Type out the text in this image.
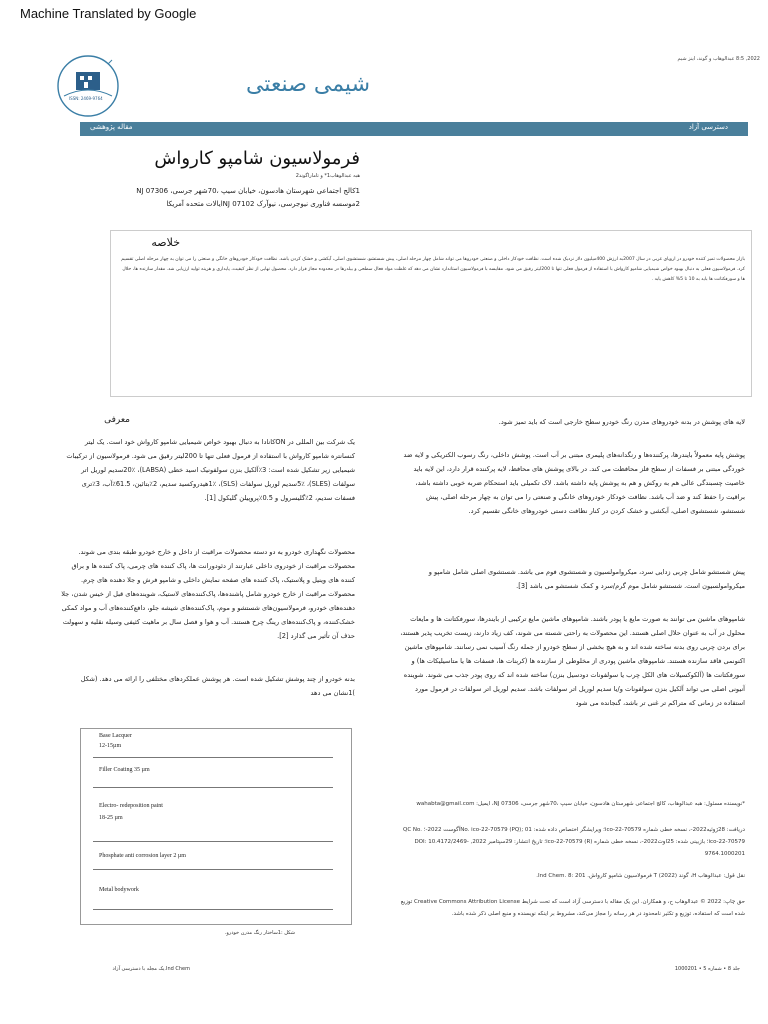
Machine Translated by Google
2022, 8:5 عبدالوهاب و گوند، اینز شیم
ISSN: 2469-9764
شیمی صنعتی
دسترسی آزاد
مقاله پژوهشی
فرمولاسیون شامپو کارواش
هبه عبدالوهاب1* و تاماراگوند2
1کالج اجتماعی شهرستان هادسون، خیابان سیپ ،70شهر جرسی، NJ 07306
2موسسه فناوری نیوجرسی، نیوآرک NJ 07102ایالات متحده آمریکا
خلاصه
بازار محصولات تمیز کننده خودرو در اروپای غربی در سال 2007به ارزش 400میلیون دلار نزدیک شده است. نظافت خودکار داخلی و صنعتی خودروها می تواند شامل چهار مرحله اصلی، پیش شستشو، شستشوی اصلی، آبکشی و خشک کردن باشد. نظافت خودکار خودروهای خانگی و صنعتی را می توان به چهار مرحله اصلی تقسیم کرد. فرمولاسیون فعلی به دنبال بهبود خواص شیمیایی شامپو کارواش با استفاده از فرمول فعلی تنها تا 200لیتر رقیق می شود. مقایسه با فرمولاسیون استاندارد نشان می دهد که غلظت مواد فعال سطحی و بیلدرها در محدوده مجاز قرار دارد. محصول نهایی از نظر کیفیت، پایداری و هزینه تولید ارزیابی شد. مقدار سازنده ها، حلال ها و سورفکتانت ها باید به 10 تا 5% کاهش یابد .
معرفی
یک شرکت بین المللی در ONکانادا به دنبال بهبود خواص شیمیایی شامپو کارواش خود است. یک لیتر کنسانتره شامپو کارواش با استفاده از فرمول فعلی تنها تا 200لیتر رقیق می شود. فرمولاسیون از ترکیبات شیمیایی زیر تشکیل شده است: 3٪آلکیل بنزن سولفونیک اسید خطی (LABSA)، 20٪سدیم لوریل اتر سولفات (SLES)، 5٪سدیم لوریل سولفات (SLS)، 1٪هیدروکسید سدیم، 2٪بتائین، 61.5٪آب، 3٪تری فسفات سدیم، 2٪گلیسرول و 0.5٪پروپیلن گلیکول [1].
محصولات نگهداری خودرو به دو دسته محصولات مراقبت از داخل و خارج خودرو طبقه بندی می شوند. محصولات مراقبت از خودروی داخلی عبارتند از دئودورانت ها، پاک کننده های چرمی، پاک کننده ها و براق کننده های وینیل و پلاستیک، پاک کننده های صفحه نمایش داخلی و شامپو فرش و جلا دهنده های چرم. محصولات مراقبت از خارج خودرو شامل پاشنده‌ها، پاک‌کننده‌های لاستیک، شوینده‌های قبل از خیس شدن، جلا دهنده‌های خودرو، فرمولاسیون‌های شستشو و موم، پاک‌کننده‌های شیشه جلو، دافع‌کننده‌های آب و مواد کمکی خشک‌کننده، و پاک‌کننده‌های رینگ چرخ هستند. آب و هوا و فصل سال بر ماهیت کثیفی وسیله نقلیه و سهولت حذف آن تأثیر می گذارد [2].
بدنه خودرو از چند پوشش تشکیل شده است. هر پوشش عملکردهای مختلفی را ارائه می دهد. (شکل )1نشان می دهد
Base Lacquer
12-15µm
Filler Coating 35 µm
Electro- redeposition paint
18-25 µm
Phosphate anti corrosion layer 2 µm
Metal bodywork
شکل :1ساختار رنگ مدرن خودرو.
لایه های پوشش در بدنه خودروهای مدرن رنگ خودرو سطح خارجی است که باید تمیز شود.
پوشش پایه معمولاً بایندرها، پرکننده‌ها و رنگدانه‌های پلیمری مبتنی بر آب است. پوشش داخلی، رنگ رسوب الکتریکی و لایه ضد خوردگی مبتنی بر فسفات از سطح فلز محافظت می کند. در بالای پوشش های محافظ، لایه پرکننده قرار دارد، این لایه باید خاصیت چسبندگی عالی هم به روکش و هم به پوشش پایه داشته باشد. لاک تکمیلی باید استحکام ضربه خوبی داشته باشد، براقیت را حفظ کند و ضد آب باشد. نظافت خودکار خودروهای خانگی و صنعتی را می توان به چهار مرحله اصلی، پیش شستشو، شستشوی اصلی، آبکشی و خشک کردن در کنار نظافت دستی خودروهای خانگی تقسیم کرد.
پیش شستشو شامل چربی زدایی سرد، میکروامولسیون و شستشوی فوم می باشد. شستشوی اصلی شامل شامپو و میکروامولسیون است. شستشو شامل موم گرم/سرد و کمک شستشو می باشد [3].
شامپوهای ماشین می توانند به صورت مایع یا پودر باشند. شامپوهای ماشین مایع ترکیبی از بایندرها، سورفکتانت ها و مایعات محلول در آب به عنوان حلال اصلی هستند. این محصولات به راحتی شسته می شوند، کف زیاد دارند، زیست تخریب پذیر هستند، برای بردن چربی روی بدنه ساخته شده اند و به هیچ بخشی از سطح خودرو از جمله رنگ آسیب نمی رسانند. شامپوهای ماشین اکنونمی فاقد سازنده هستند. شامپوهای ماشین پودری از مخلوطی از سازنده ها (کربنات ها، فسفات ها یا متاسیلیکات ها) و سورفکتانت ها (آلکوکسیلات های الکل چرب یا سولفونات دودسیل بنزن) ساخته شده اند که روی پودر جذب می شوند. شوینده آنیونی اصلی می تواند آلکیل بنزن سولفونات و/یا سدیم لوریل اتر سولفات باشد. سدیم لوریل اتر سولفات در فرمول مورد استفاده در زمانی که متراکم تر غنی تر باشد، گنجانده می شود
*نویسنده مسئول: هبه عبدالوهاب، کالج اجتماعی شهرستان هادسون، خیابان سیپ ،70شهر جرسی، NJ 07306، ایمیل: wahabta@gmail.com
دریافت: 28ژوئیه2022-، نسخه خطی شماره ico-22-70579؛ ویرایشگر اختصاص داده شده: No. ico-22-70579 (PQ); 01آگوست 2022-؛ QC No. ico-22-70579؛ بازبینی شده: 25اوت2022-، نسخه خطی شماره ico-22-70579 (R)؛ تاریخ انتشار: 29سپتامبر 2022, DOI: 10.4172/2469-9764.1000201
نقل قول: عبدالوهاب H، گوند T (2022) فرمولاسیون شامپو کارواش. Ind Chem. 8: 201.
حق چاپ: 2022 © عبدالوهاب ح، و همکاران. این یک مقاله با دسترسی آزاد است که تحت شرایط Creative Commons Attribution License توزیع شده است که استفاده، توزیع و تکثیر نامحدود در هر رسانه را مجاز می‌کند، مشروط بر اینکه نویسنده و منبع اصلی ذکر شده باشد.
Ind Chem.یک مجله با دسترسی آزاد	جلد 8 • شماره 5 • 1000201
